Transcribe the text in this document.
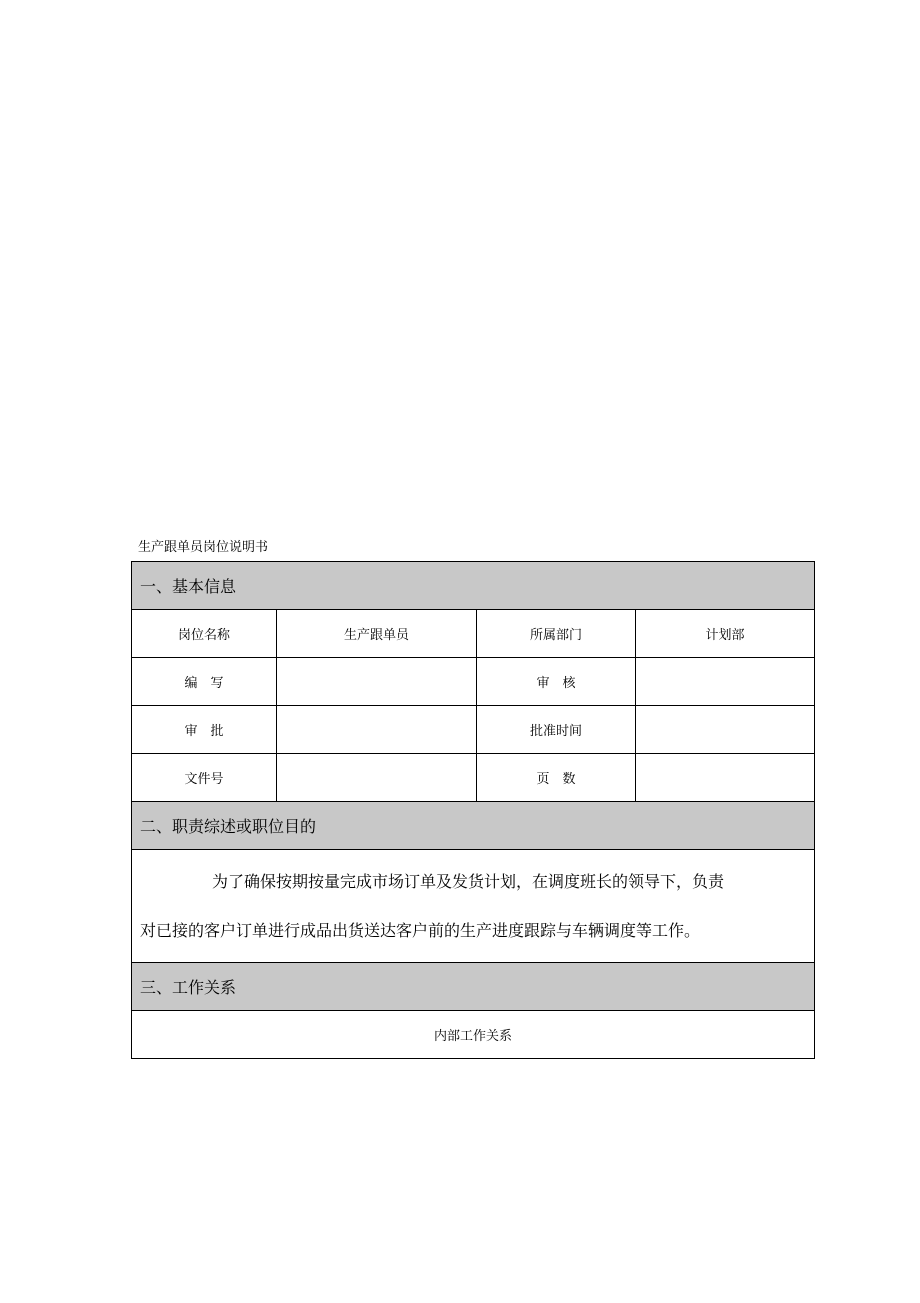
生产跟单员岗位说明书
一、基本信息			
岗位名称	生产跟单员	所属部门	计划部
编　写		审　核	
审　批		批准时间	
文件号		页　数	
二、职责综述或职位目的			

为了确保按期按量完成市场订单及发货计划，在调度班长的领导下，负责
对已接的客户订单进行成品出货送达客户前的生产进度跟踪与车辆调度等工作。			

三、工作关系			
内部工作关系			
